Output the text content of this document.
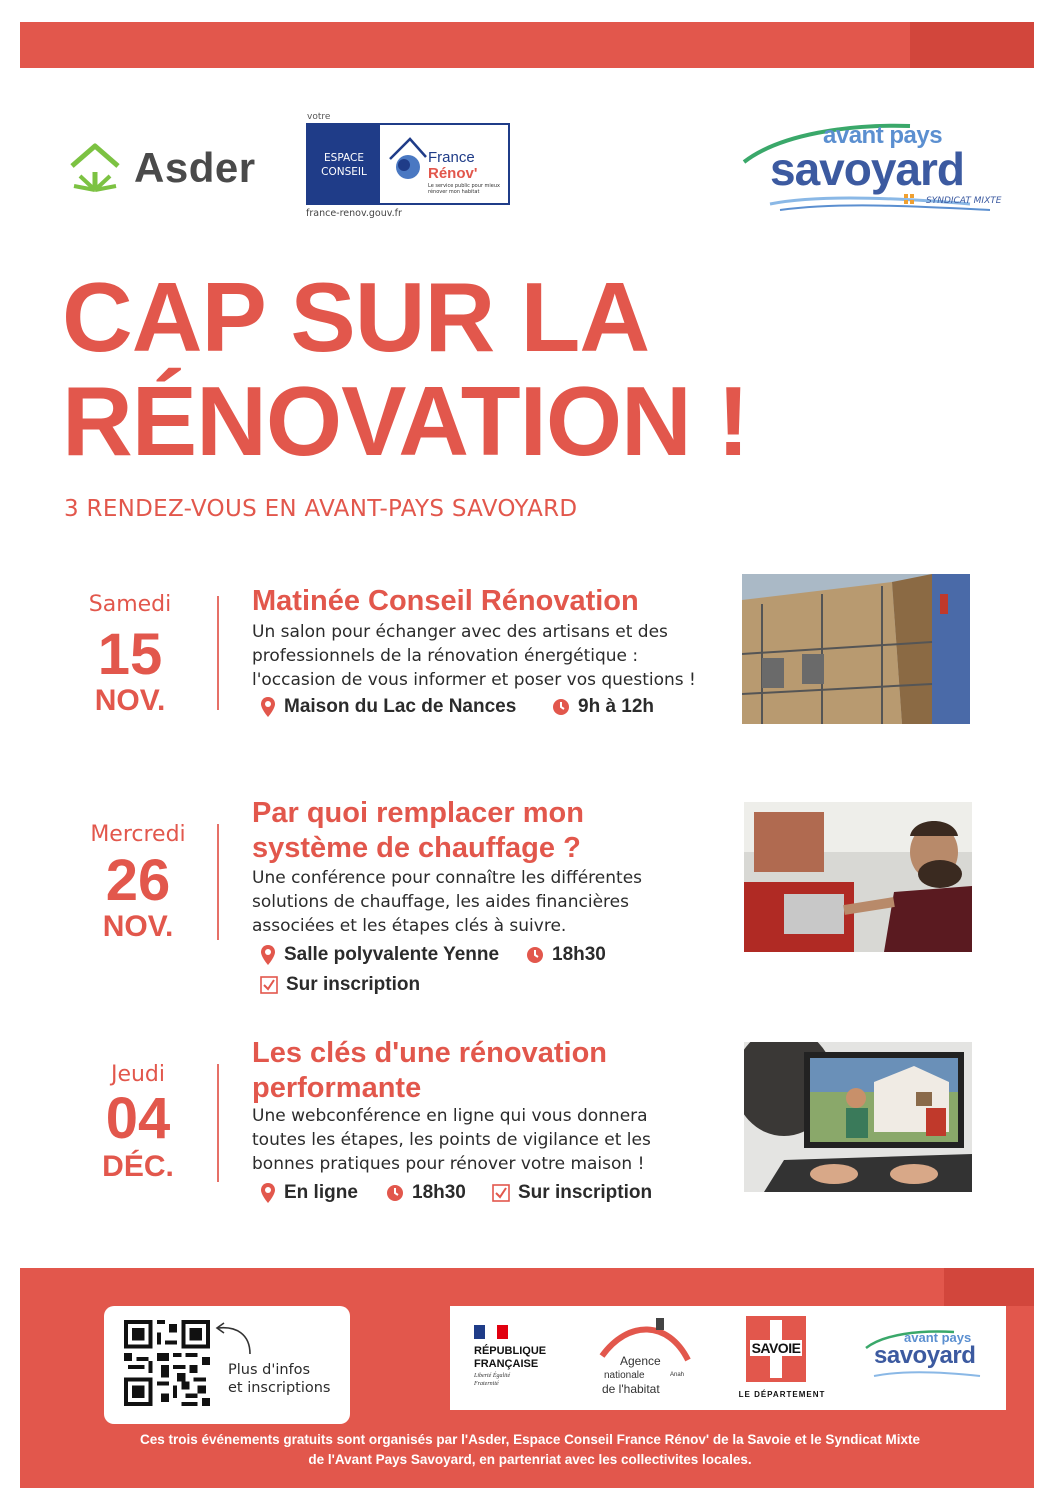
Asder
votre
ESPACE
CONSEIL
France
Rénov'
Le service public pour mieux rénover mon habitat
france-renov.gouv.fr
avant pays
savoyard
SYNDICAT MIXTE
CAP SUR LA
RÉNOVATION !
3 RENDEZ-VOUS EN AVANT-PAYS SAVOYARD
Samedi
15
NOV.
Matinée Conseil Rénovation
Un salon pour échanger avec des artisans et des
professionnels de la rénovation énergétique :
l'occasion de vous informer et poser vos questions !
Maison du Lac de Nances	9h à 12h
Mercredi
26
NOV.
Par quoi remplacer mon
système de chauffage ?
Une conférence pour connaître les différentes
solutions de chauffage, les aides financières
associées et les étapes clés à suivre.
Salle polyvalente Yenne	18h30
Sur inscription
Jeudi
04
DÉC.
Les clés d'une rénovation
performante
Une webconférence en ligne qui vous donnera
toutes les étapes, les points de vigilance et les
bonnes pratiques pour rénover votre maison !
En ligne	18h30	Sur inscription
Plus d'infos
et inscriptions
RÉPUBLIQUE
FRANÇAISE
Liberté Égalité Fraternité
Agence
nationale
de l'habitat
Anah
SAVOIE
LE DÉPARTEMENT
avant pays
savoyard
Ces trois événements gratuits sont organisés par l'Asder, Espace Conseil France Rénov' de la Savoie et le Syndicat Mixte
de l'Avant Pays Savoyard, en partenriat avec les collectivites locales.
